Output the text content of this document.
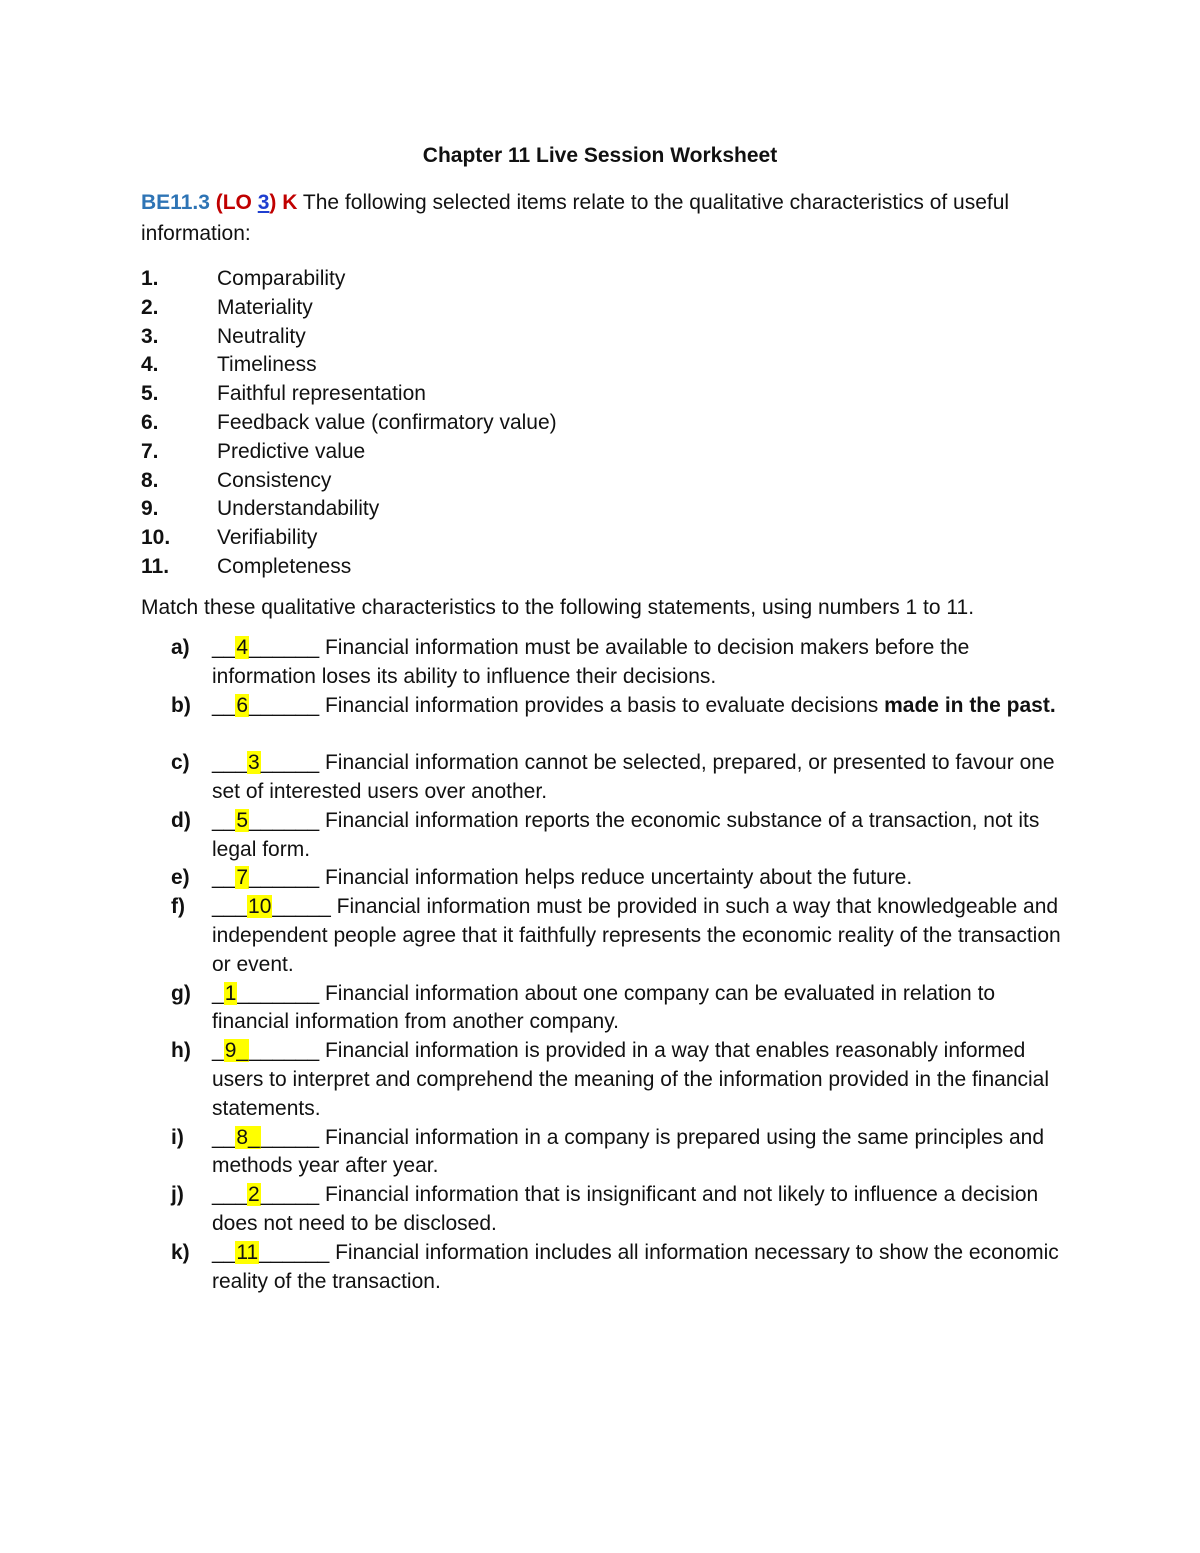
Chapter 11 Live Session Worksheet
BE11.3 (LO 3) K The following selected items relate to the qualitative characteristics of useful information:
1.	Comparability
2.	Materiality
3.	Neutrality
4.	Timeliness
5.	Faithful representation
6.	Feedback value (confirmatory value)
7.	Predictive value
8.	Consistency
9.	Understandability
10. Verifiability
11. Completeness
Match these qualitative characteristics to the following statements, using numbers 1 to 11.
a) __4______ Financial information must be available to decision makers before the information loses its ability to influence their decisions.
b) __6______ Financial information provides a basis to evaluate decisions made in the past.
c) ___3_____ Financial information cannot be selected, prepared, or presented to favour one set of interested users over another.
d) __5______ Financial information reports the economic substance of a transaction, not its legal form.
e) __7______ Financial information helps reduce uncertainty about the future.
f) ___10_____ Financial information must be provided in such a way that knowledgeable and independent people agree that it faithfully represents the economic reality of the transaction or event.
g) _1_______ Financial information about one company can be evaluated in relation to financial information from another company.
h) _9_______ Financial information is provided in a way that enables reasonably informed users to interpret and comprehend the meaning of the information provided in the financial statements.
i) __8______ Financial information in a company is prepared using the same principles and methods year after year.
j) ___2_____ Financial information that is insignificant and not likely to influence a decision does not need to be disclosed.
k) __11______ Financial information includes all information necessary to show the economic reality of the transaction.
